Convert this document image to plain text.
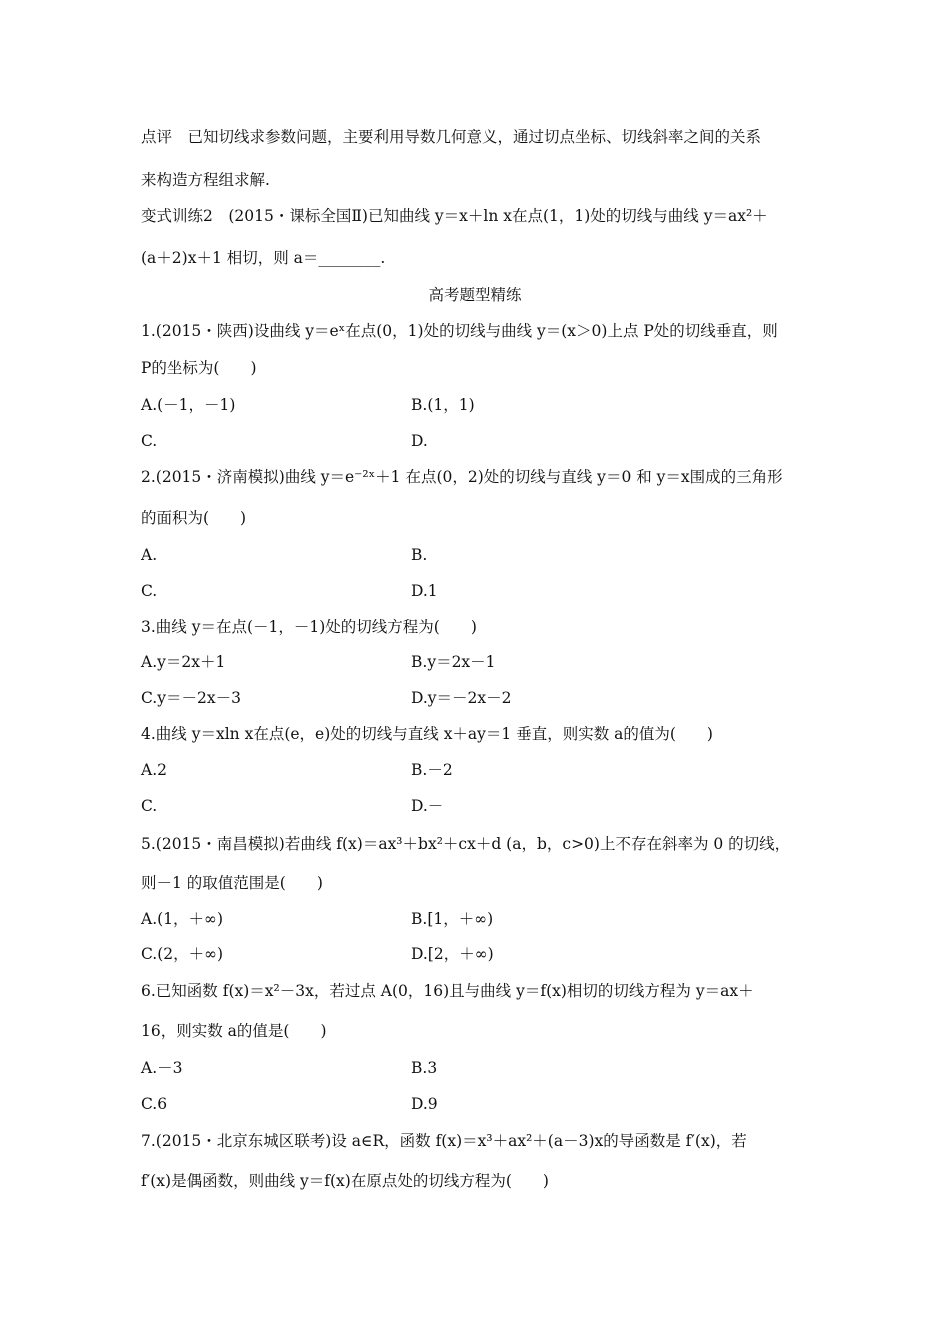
点评　已知切线求参数问题，主要利用导数几何意义，通过切点坐标、切线斜率之间的关系
来构造方程组求解.
变式训练2　(2015・课标全国Ⅱ)已知曲线 y＝x＋ln x在点(1，1)处的切线与曲线 y＝ax²＋
(a＋2)x＋1 相切，则 a＝________.
高考题型精练
1.(2015・陕西)设曲线 y＝eˣ在点(0，1)处的切线与曲线 y＝(x＞0)上点 P处的切线垂直，则
P的坐标为(　　)
A.(－1，－1)	B.(1，1)
C.	D.
2.(2015・济南模拟)曲线 y＝e⁻²ˣ＋1 在点(0，2)处的切线与直线 y＝0 和 y＝x围成的三角形
的面积为(　　)
A.	B.
C.	D.1
3.曲线 y＝在点(－1，－1)处的切线方程为(　　)
A.y＝2x＋1	B.y＝2x－1
C.y＝－2x－3	D.y＝－2x－2
4.曲线 y＝xln x在点(e，e)处的切线与直线 x＋ay＝1 垂直，则实数 a的值为(　　)
A.2	B.－2
C.	D.－
5.(2015・南昌模拟)若曲线 f(x)＝ax³＋bx²＋cx＋d (a，b，c>0)上不存在斜率为 0 的切线，
则－1 的取值范围是(　　)
A.(1，＋∞)	B.[1，＋∞)
C.(2，＋∞)	D.[2，＋∞)
6.已知函数 f(x)＝x²－3x，若过点 A(0，16)且与曲线 y＝f(x)相切的切线方程为 y＝ax＋
16，则实数 a的值是(　　)
A.－3	B.3
C.6	D.9
7.(2015・北京东城区联考)设 a∈R，函数 f(x)＝x³＋ax²＋(a－3)x的导函数是 f′(x)，若
f′(x)是偶函数，则曲线 y＝f(x)在原点处的切线方程为(　　)
